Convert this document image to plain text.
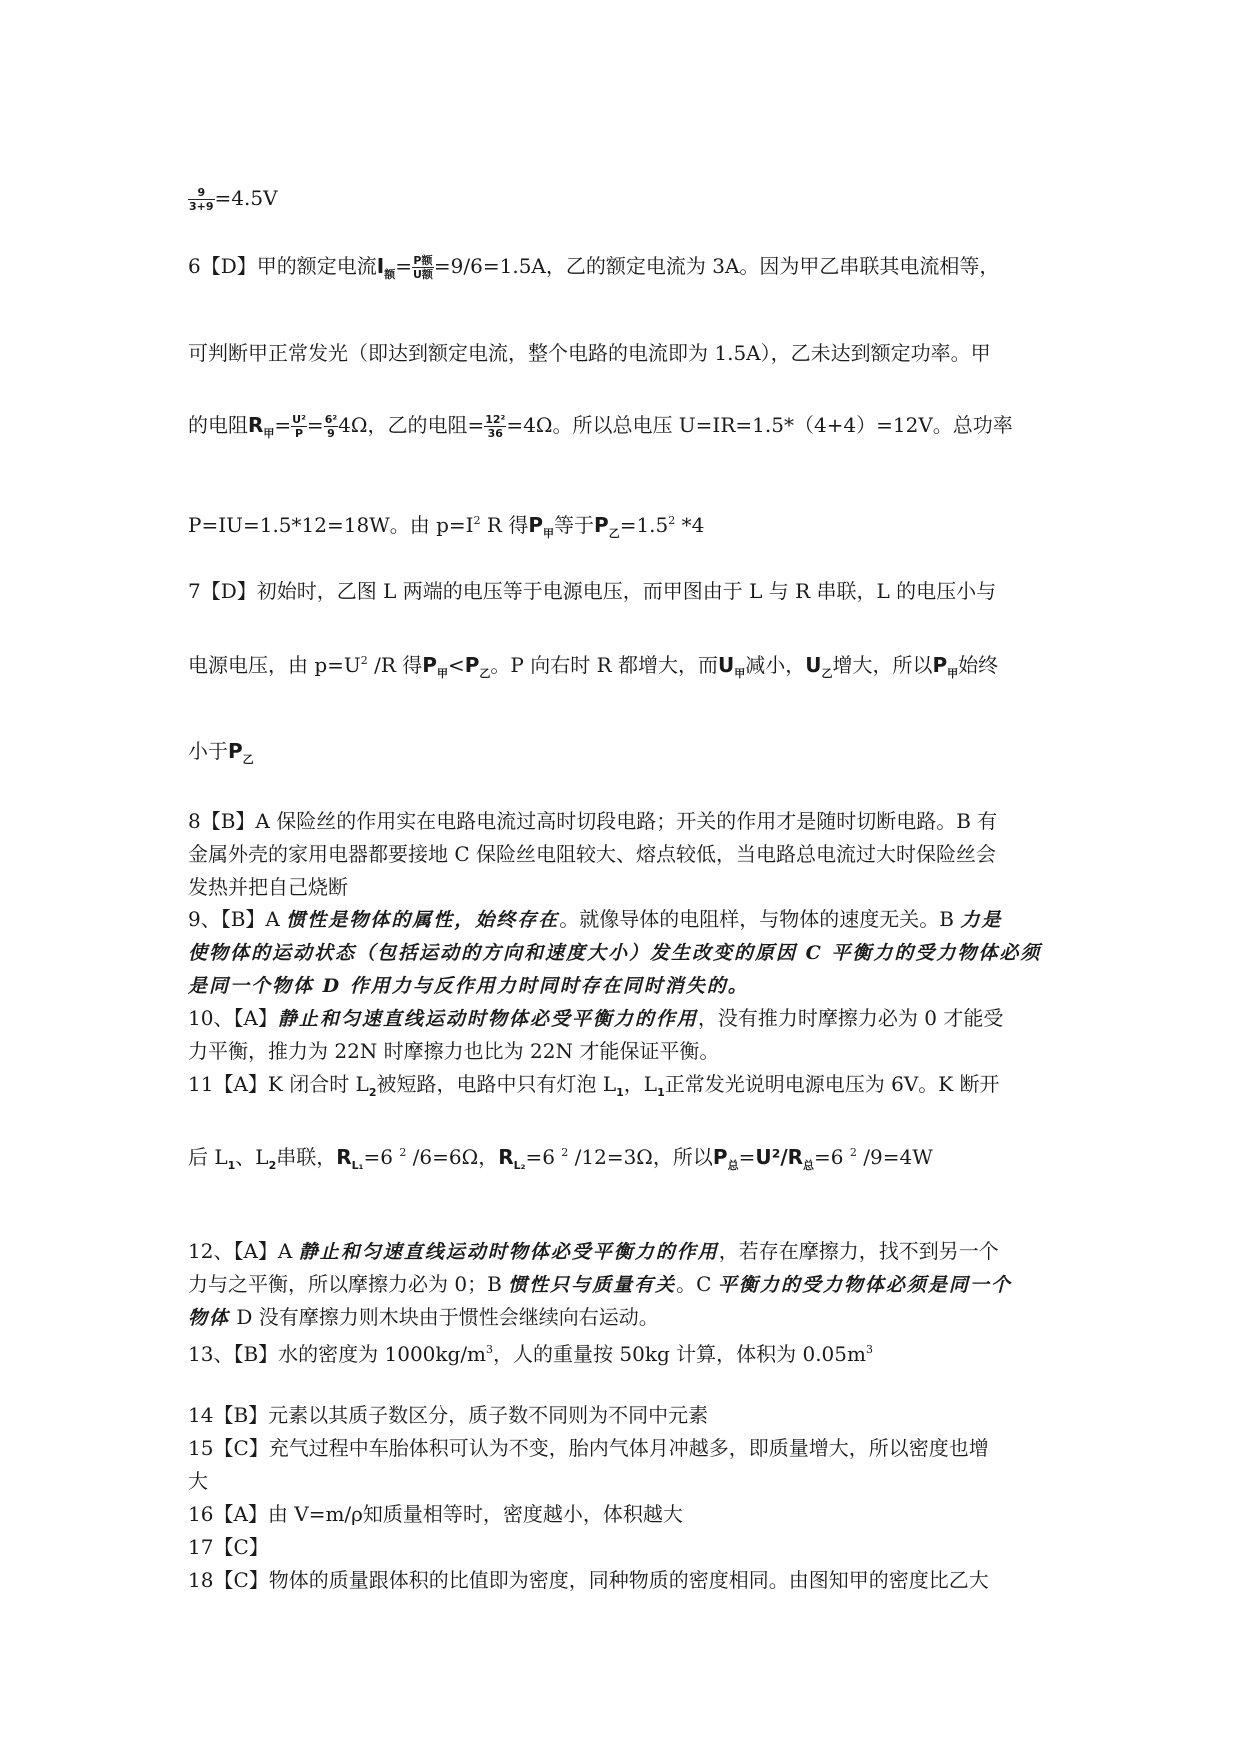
$\frac{9}{3+9} =4.5V$
6【D】甲的额定电流$I_额= \frac{\text{P额}}{\text{U额}} =9/6=1.5A$，乙的额定电流为 3A。因为甲乙串联其电流相等，
可判断甲正常发光（即达到额定电流，整个电路的电流即为 1.5A），乙未达到额定功率。甲
的电阻$R_甲= \frac{\text{U²}}{P} = \frac{\text{6²}}{9} 4\Omega$，乙的电阻= $\frac{\text{12²}}{36} =4\Omega$。所以总电压 U=IR=1.5*（4+4）=12V。总功率
P=IU=1.5*12=18W。由 $p=I^2$ R 得$P_甲$等于$P_乙=1.5^2$ *4
7【D】初始时，乙图 L 两端的电压等于电源电压，而甲图由于 L 与 R 串联，L 的电压小与
电源电压，由 $p=U^2$ /R 得$P_甲<P_乙$。P 向右时 R 都增大，而$U_甲$减小，$U_乙$增大，所以$P_甲$始终
小于$P_乙$
8【B】A 保险丝的作用实在电路电流过高时切段电路；开关的作用才是随时切断电路。B 有
金属外壳的家用电器都要接地 C 保险丝电阻较大、熔点较低，当电路总电流过大时保险丝会
发热并把自己烧断
9、【B】A 惯性是物体的属性，始终存在。就像导体的电阻样，与物体的速度无关。B 力是
使物体的运动状态（包括运动的方向和速度大小）发生改变的原因 C 平衡力的受力物体必须
是同一个物体 D 作用力与反作用力时同时存在同时消失的。
10、【A】静止和匀速直线运动时物体必受平衡力的作用，没有推力时摩擦力必为 0 才能受
力平衡，推力为 22N 时摩擦力也比为 22N 才能保证平衡。
11【A】K 闭合时 $L_2$被短路，电路中只有灯泡 $L_1$，$L_1$正常发光说明电源电压为 6V。K 断开
后 $L_1$、$L_2$串联，$R_{L_1}=6$ $^2$ /6=6Ω，$R_{L_2}=6$ $^2$ /12=3Ω，所以$P_总=U^2/R_总=6$ $^2$ /9=4W
12、【A】A 静止和匀速直线运动时物体必受平衡力的作用，若存在摩擦力，找不到另一个
力与之平衡，所以摩擦力必为 0；B 惯性只与质量有关。C 平衡力的受力物体必须是同一个
物体 D 没有摩擦力则木块由于惯性会继续向右运动。
13、【B】水的密度为 $1000kg/m^3$，人的重量按 50kg 计算，体积为 $0.05m^3$
14【B】元素以其质子数区分，质子数不同则为不同中元素
15【C】充气过程中车胎体积可认为不变，胎内气体月冲越多，即质量增大，所以密度也增
大
16【A】由 V=m/ρ知质量相等时，密度越小，体积越大
17【C】
18【C】物体的质量跟体积的比值即为密度，同种物质的密度相同。由图知甲的密度比乙大
